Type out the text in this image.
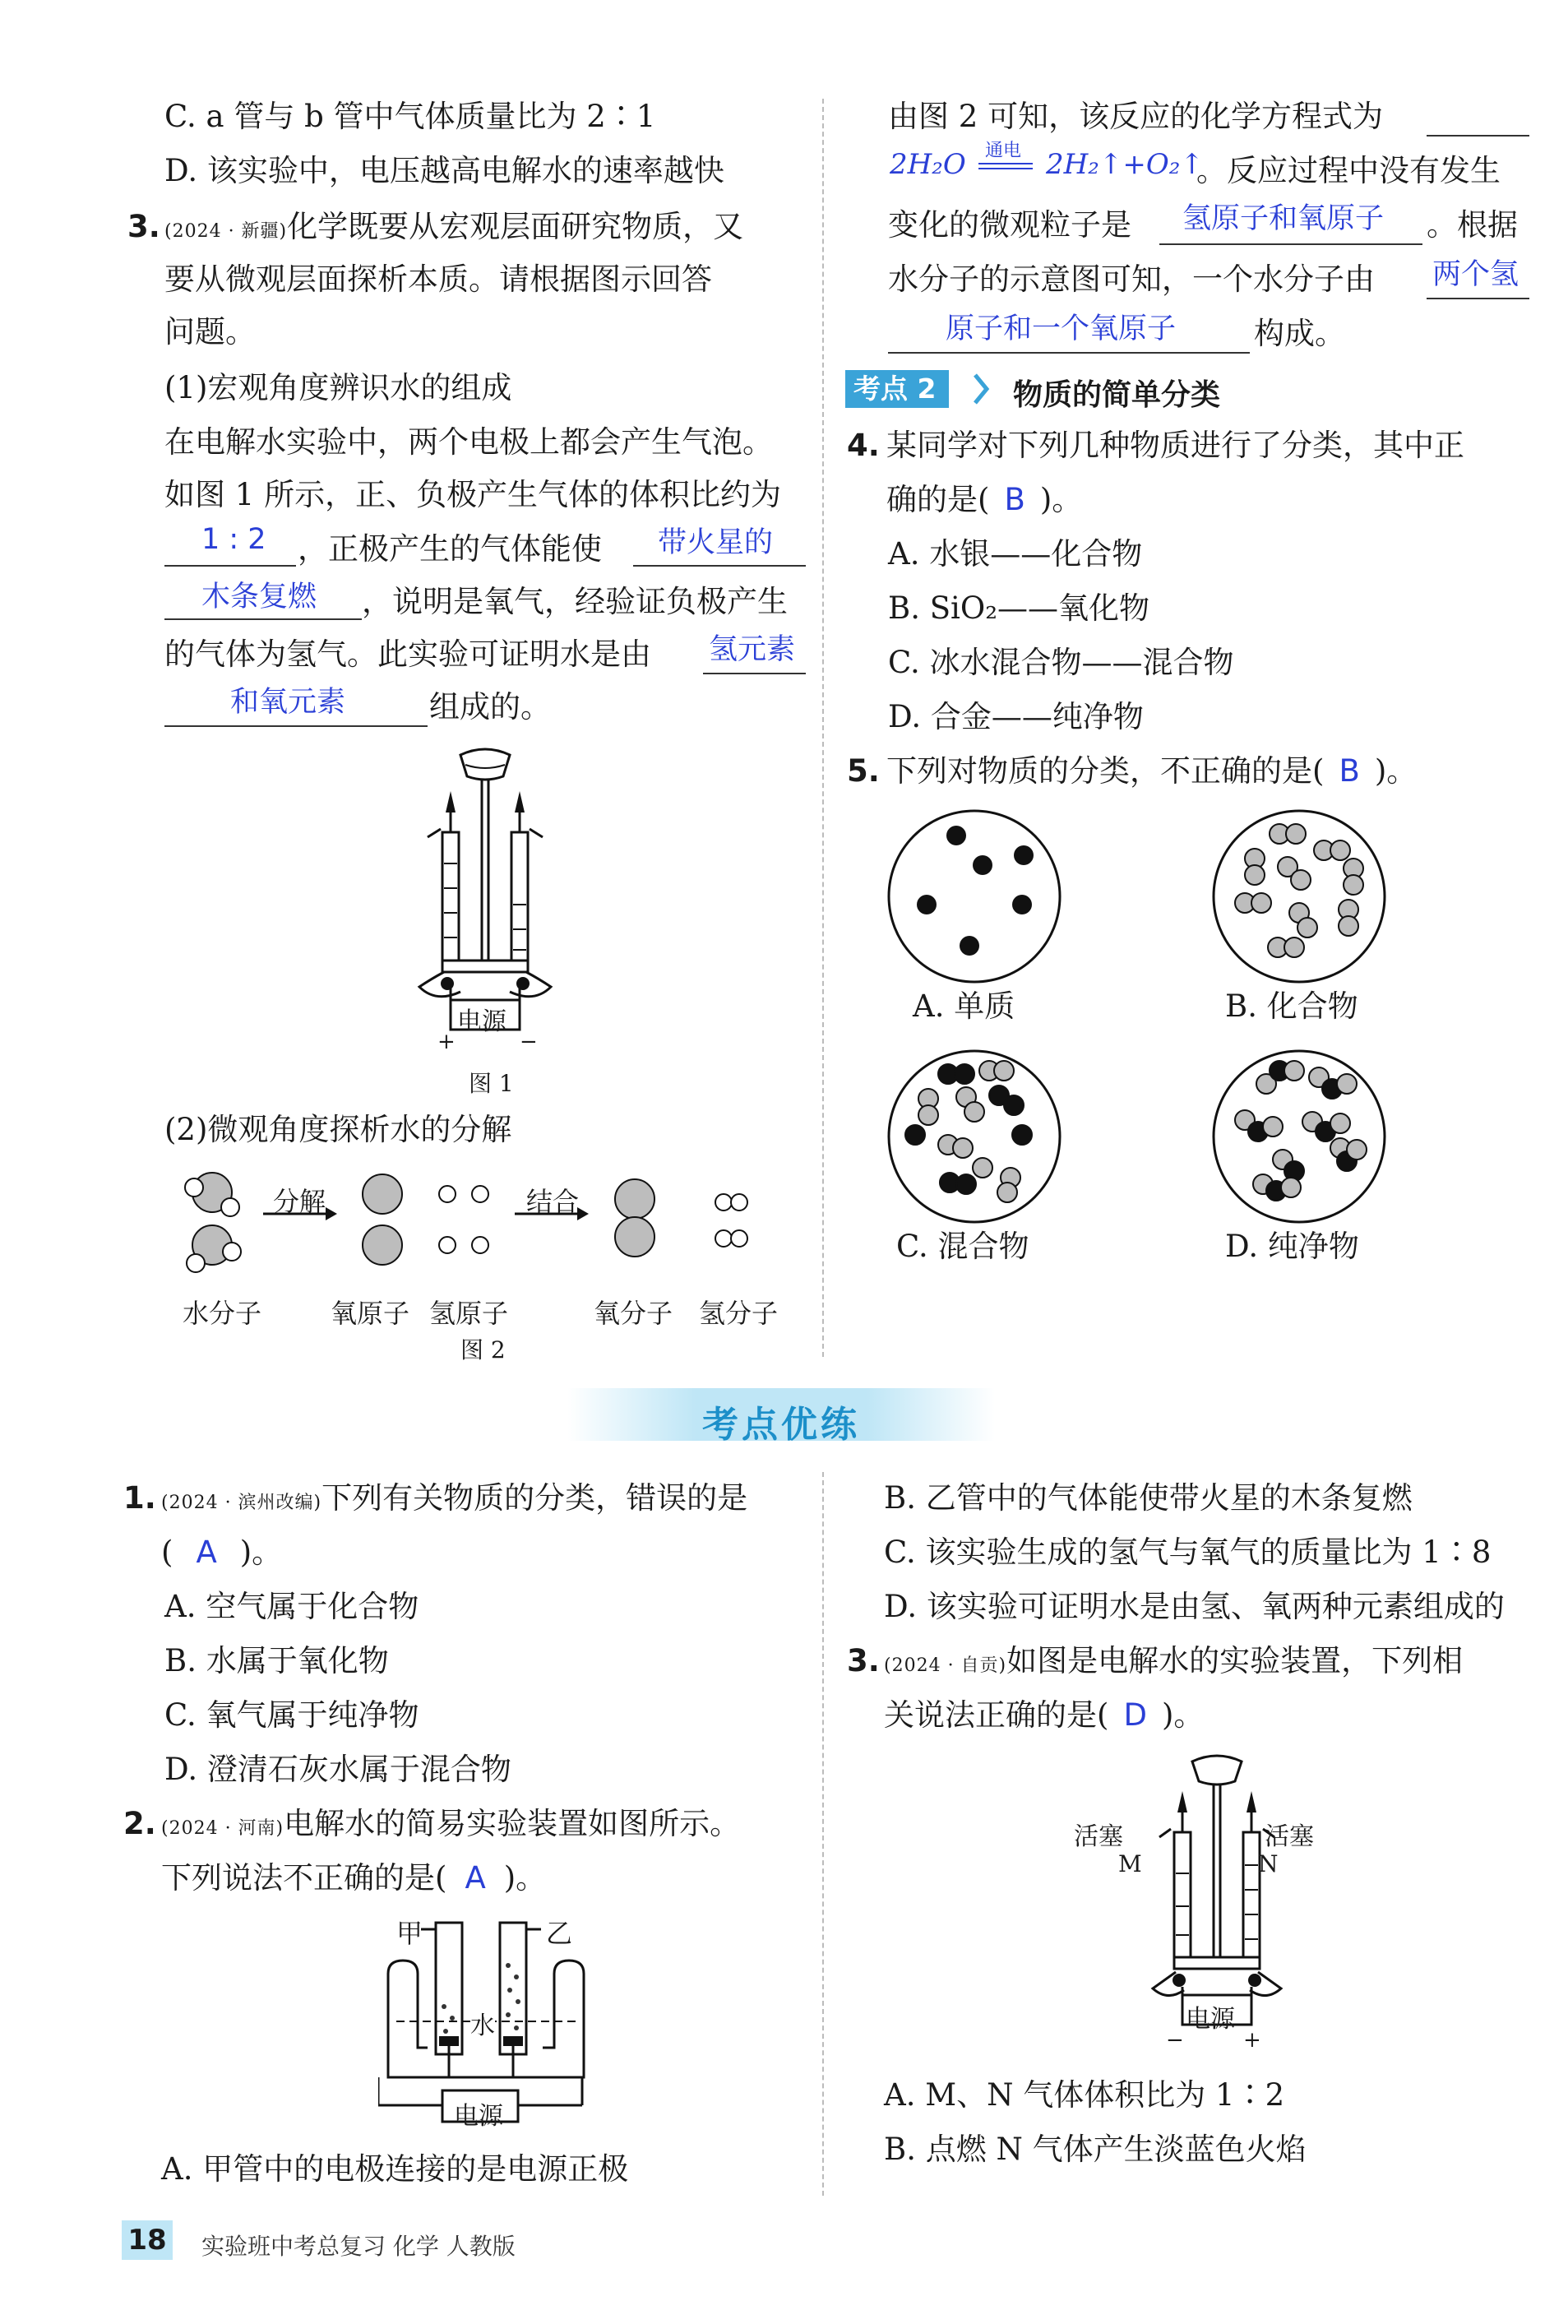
C. a 管与 b 管中气体质量比为 2∶1
D. 该实验中，电压越高电解水的速率越快
3. (2024 · 新疆)化学既要从宏观层面研究物质，又
要从微观层面探析本质。请根据图示回答
问题。
(1)宏观角度辨识水的组成
在电解水实验中，两个电极上都会产生气泡。
如图 1 所示，正、负极产生气体的体积比约为
1 : 2 ，正极产生的气体能使 带火星的
木条复燃 ，说明是氧气，经验证负极产生
的气体为氢气。此实验可证明水是由 氢元素
和氧元素	组成的。
电源
+	−
图 1
(2)微观角度探析水的分解
分解	结合
水分子	氧原子 氢原子	氧分子 氢分子
图 2
由图 2 可知，该反应的化学方程式为
2H₂O 通电 2H₂↑+O₂↑
。反应过程中没有发生
变化的微观粒子是 氢原子和氧原子 。根据
水分子的示意图可知，一个水分子由 两个氢
原子和一个氧原子	构成。
考点 2	物质的简单分类
4. 某同学对下列几种物质进行了分类，其中正
确的是( B )。
A. 水银——化合物
B. SiO₂——氧化物
C. 冰水混合物——混合物
D. 合金——纯净物
5. 下列对物质的分类，不正确的是( B )。
A. 单质	B. 化合物
C. 混合物	D. 纯净物
考点优练
1. (2024 · 滨州改编)下列有关物质的分类，错误的是
( A )。
A. 空气属于化合物
B. 水属于氧化物
C. 氧气属于纯净物
D. 澄清石灰水属于混合物
2. (2024 · 河南)电解水的简易实验装置如图所示。
下列说法不正确的是( A )。
甲	乙
水
电源
A. 甲管中的电极连接的是电源正极
B. 乙管中的气体能使带火星的木条复燃
C. 该实验生成的氢气与氧气的质量比为 1∶8
D. 该实验可证明水是由氢、氧两种元素组成的
3. (2024 · 自贡)如图是电解水的实验装置，下列相
关说法正确的是( D )。
活塞	活塞
M	N
电源
−	+
A. M、N 气体体积比为 1∶2
B. 点燃 N 气体产生淡蓝色火焰
18 实验班中考总复习 化学 人教版
